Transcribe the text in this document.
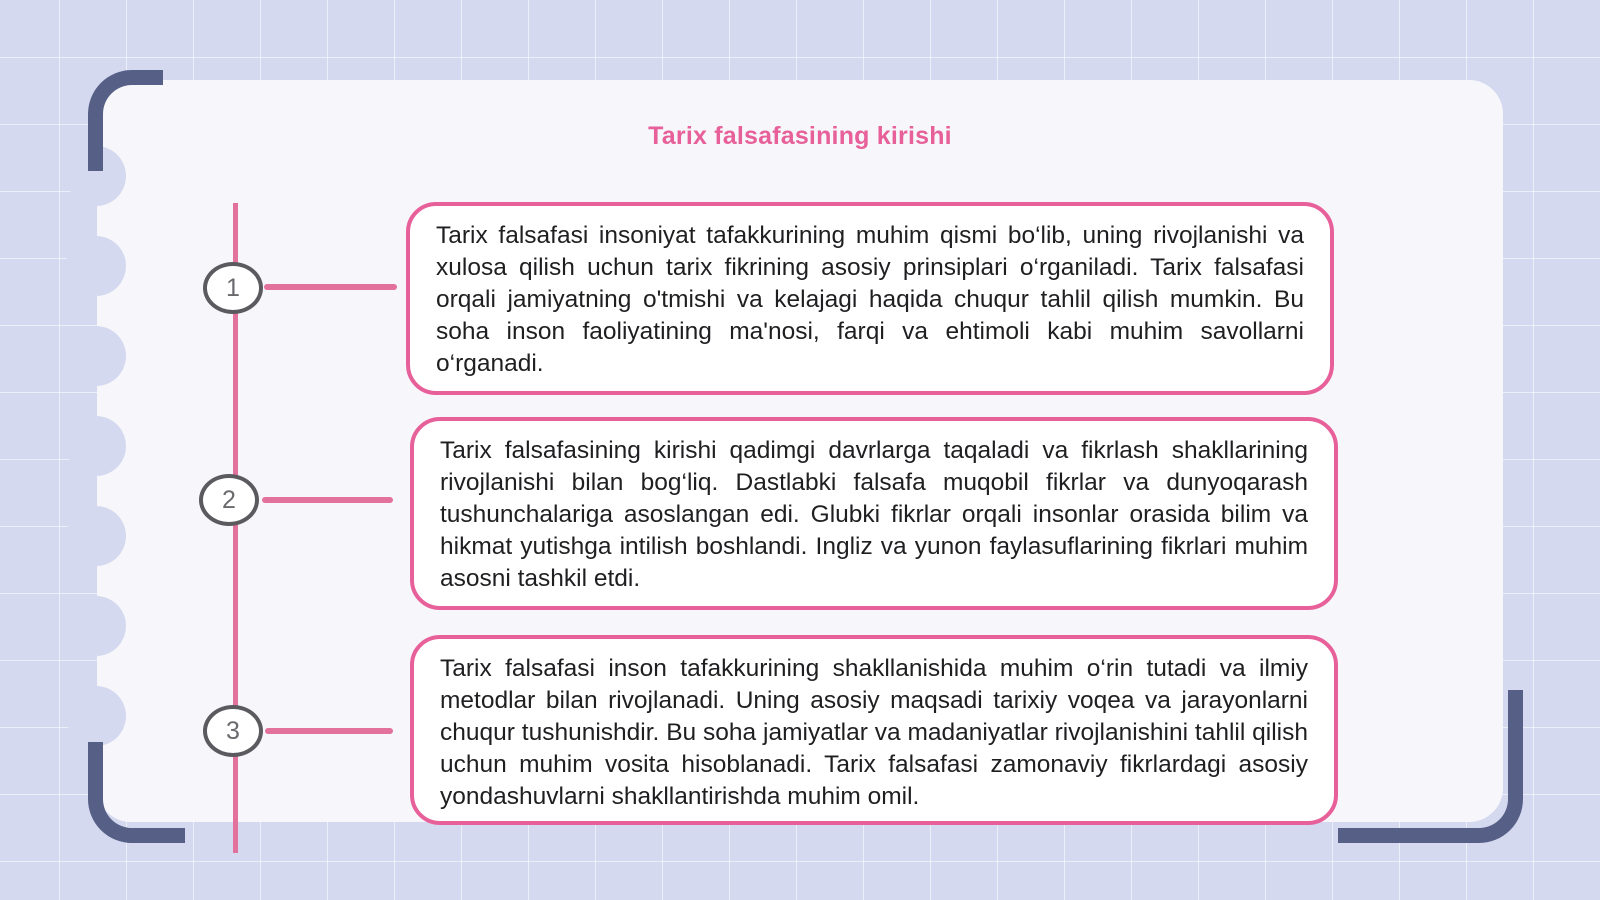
Tarix falsafasining kirishi
1
2
3
Tarix falsafasi insoniyat tafakkurining muhim qismi bo‘lib, uning rivojlanishi va xulosa qilish uchun tarix fikrining asosiy prinsiplari o‘rganiladi. Tarix falsafasi orqali jamiyatning o'tmishi va kelajagi haqida chuqur tahlil qilish mumkin. Bu soha inson faoliyatining ma'nosi, farqi va ehtimoli kabi muhim savollarni o‘rganadi.
Tarix falsafasining kirishi qadimgi davrlarga taqaladi va fikrlash shakllarining rivojlanishi bilan bog‘liq. Dastlabki falsafa muqobil fikrlar va dunyoqarash tushunchalariga asoslangan edi. Glubki fikrlar orqali insonlar orasida bilim va hikmat yutishga intilish boshlandi. Ingliz va yunon faylasuflarining fikrlari muhim asosni tashkil etdi.
Tarix falsafasi inson tafakkurining shakllanishida muhim o‘rin tutadi va ilmiy metodlar bilan rivojlanadi. Uning asosiy maqsadi tarixiy voqea va jarayonlarni chuqur tushunishdir. Bu soha jamiyatlar va madaniyatlar rivojlanishini tahlil qilish uchun muhim vosita hisoblanadi. Tarix falsafasi zamonaviy fikrlardagi asosiy yondashuvlarni shakllantirishda muhim omil.
